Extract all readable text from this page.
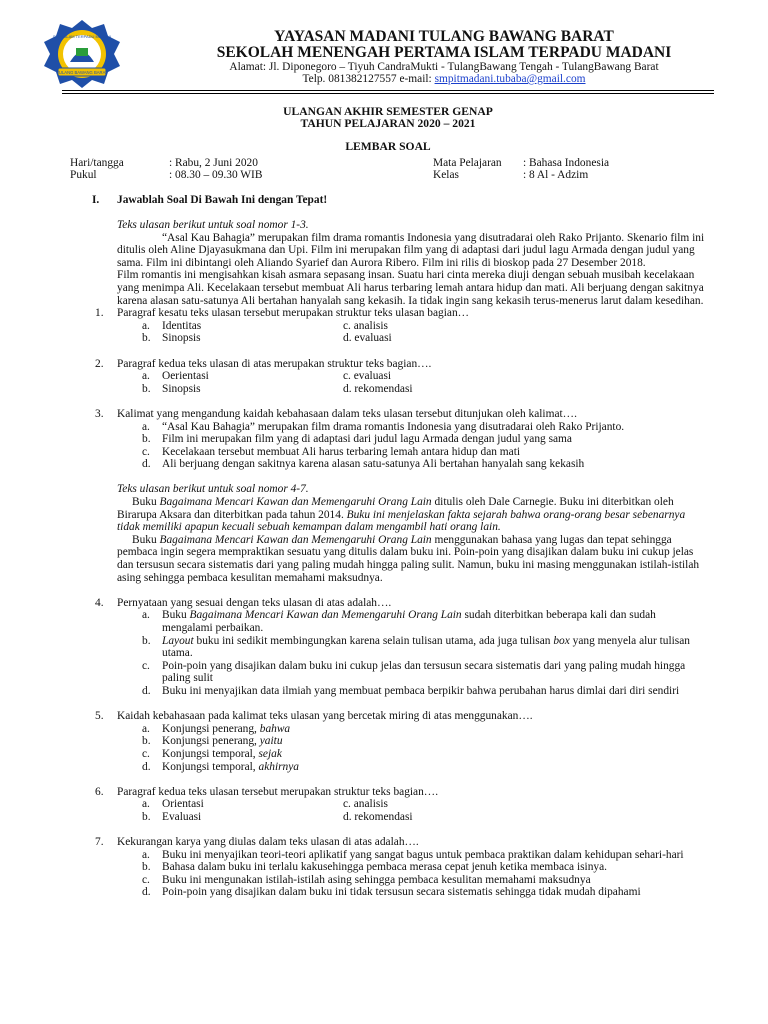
TULANG BAWANG BARAT
SMP ISLAM TERPADU MADANI	YAYASAN MADANI TULANG BAWANG BARAT
SEKOLAH MENENGAH PERTAMA ISLAM TERPADU MADANI
Alamat: Jl. Diponegoro – Tiyuh CandraMukti - TulangBawang Tengah - TulangBawang Barat
Telp. 081382127557 e-mail: smpitmadani.tubaba@gmail.com
ULANGAN AKHIR SEMESTER GENAP
TAHUN PELAJARAN 2020 – 2021
LEMBAR SOAL
Hari/tangga	: Rabu, 2 Juni 2020	Mata Pelajaran : Bahasa Indonesia
Pukul	: 08.30 – 09.30 WIB	Kelas	: 8 Al - Adzim
I. Jawablah Soal Di Bawah Ini dengan Tepat!

Teks ulasan berikut untuk soal nomor 1-3.

“Asal Kau Bahagia” merupakan film drama romantis Indonesia yang disutradarai oleh Rako Prijanto. Skenario film ini ditulis oleh Aline Djayasukmana dan Upi. Film ini merupakan film yang di adaptasi dari judul lagu Armada dengan judul yang sama. Film ini dibintangi oleh Aliando Syarief dan Aurora Ribero. Film ini rilis di bioskop pada 27 Desember 2018.

Film romantis ini mengisahkan kisah asmara sepasang insan. Suatu hari cinta mereka diuji dengan sebuah musibah kecelakaan yang menimpa Ali. Kecelakaan tersebut membuat Ali harus terbaring lemah antara hidup dan mati. Ali berjuang dengan sakitnya karena alasan satu-satunya Ali bertahan hanyalah sang kekasih. Ia tidak ingin sang kekasih terus-menerus larut dalam kesedihan.

1. Paragraf kesatu teks ulasan tersebut merupakan struktur teks ulasan bagian…
a. Identitas	c. analisis
b. Sinopsis	d. evaluasi
2. Paragraf kedua teks ulasan di atas merupakan struktur teks bagian….
a. Oerientasi	c. evaluasi
b. Sinopsis	d. rekomendasi
3. Kalimat yang mengandung kaidah kebahasaan dalam teks ulasan tersebut ditunjukan oleh kalimat….
a. “Asal Kau Bahagia” merupakan film drama romantis Indonesia yang disutradarai oleh Rako Prijanto.
b. Film ini merupakan film yang di adaptasi dari judul lagu Armada dengan judul yang sama
c. Kecelakaan tersebut membuat Ali harus terbaring lemah antara hidup dan mati
d. Ali berjuang dengan sakitnya karena alasan satu-satunya Ali bertahan hanyalah sang kekasih

Teks ulasan berikut untuk soal nomor 4-7.

Buku Bagaimana Mencari Kawan dan Memengaruhi Orang Lain ditulis oleh Dale Carnegie. Buku ini diterbitkan oleh Birarupa Aksara dan diterbitkan pada tahun 2014. Buku ini menjelaskan fakta sejarah bahwa orang-orang besar sebenarnya tidak memiliki apapun kecuali sebuah kemampan dalam mengambil hati orang lain.

Buku Bagaimana Mencari Kawan dan Memengaruhi Orang Lain menggunakan bahasa yang lugas dan tepat sehingga pembaca ingin segera mempraktikan sesuatu yang ditulis dalam buku ini. Poin-poin yang disajikan dalam buku ini cukup jelas dan tersusun secara sistematis dari yang paling mudah hingga paling sulit. Namun, buku ini masing menggunakan istilah-istilah asing sehingga pembaca kesulitan memahami maksudnya.

4. Pernyataan yang sesuai dengan teks ulasan di atas adalah….
a. Buku Bagaimana Mencari Kawan dan Memengaruhi Orang Lain sudah diterbitkan beberapa kali dan sudah mengalami perbaikan.
b. Layout buku ini sedikit membingungkan karena selain tulisan utama, ada juga tulisan box yang menyela alur tulisan utama.
c. Poin-poin yang disajikan dalam buku ini cukup jelas dan tersusun secara sistematis dari yang paling mudah hingga paling sulit
d. Buku ini menyajikan data ilmiah yang membuat pembaca berpikir bahwa perubahan harus dimlai dari diri sendiri
5. Kaidah kebahasaan pada kalimat teks ulasan yang bercetak miring di atas menggunakan….
a. Konjungsi penerang, bahwa
b. Konjungsi penerang, yaitu
c. Konjungsi temporal, sejak
d. Konjungsi temporal, akhirnya
6. Paragraf kedua teks ulasan tersebut merupakan struktur teks bagian….
a. Orientasi	c. analisis
b. Evaluasi	d. rekomendasi
7. Kekurangan karya yang diulas dalam teks ulasan di atas adalah….
a. Buku ini menyajikan teori-teori aplikatif yang sangat bagus untuk pembaca praktikan dalam kehidupan sehari-hari
b. Bahasa dalam buku ini terlalu kakusehingga pembaca merasa cepat jenuh ketika membaca isinya.
c. Buku ini mengunakan istilah-istilah asing sehingga pembaca kesulitan memahami maksudnya
d. Poin-poin yang disajikan dalam buku ini tidak tersusun secara sistematis sehingga tidak mudah dipahami
